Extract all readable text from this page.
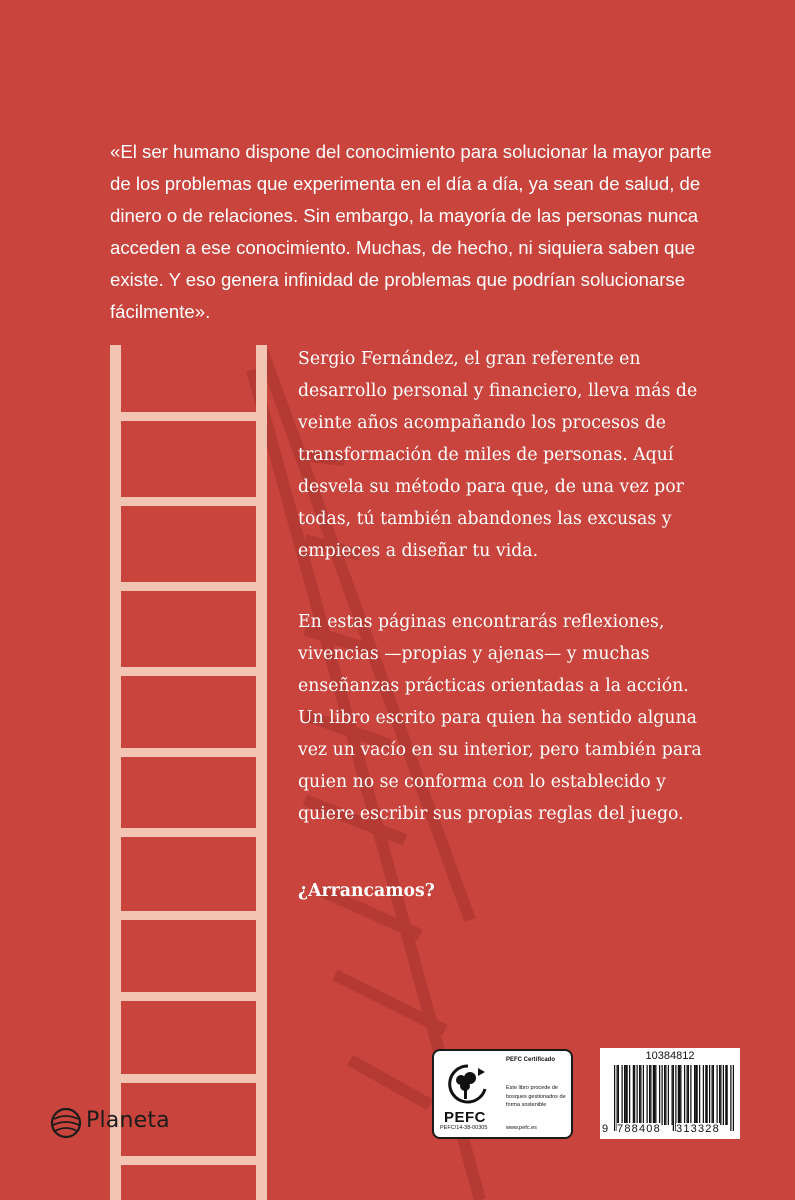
«El ser humano dispone del conocimiento para solucionar la mayor parte de los problemas que experimenta en el día a día, ya sean de salud, de dinero o de relaciones. Sin embargo, la mayoría de las personas nunca acceden a ese conocimiento. Muchas, de hecho, ni siquiera saben que existe. Y eso genera infinidad de problemas que podrían solucionarse fácilmente».

Sergio Fernández, el gran referente en desarrollo personal y financiero, lleva más de veinte años acompañando los procesos de transformación de miles de personas. Aquí desvela su método para que, de una vez por todas, tú también abandones las excusas y empieces a diseñar tu vida.

En estas páginas encontrarás reflexiones, vivencias —propias y ajenas— y muchas enseñanzas prácticas orientadas a la acción. Un libro escrito para quien ha sentido alguna vez un vacío en su interior, pero también para quien no se conforma con lo establecido y quiere escribir sus propias reglas del juego.

¿Arrancamos?

Planeta	PEFC
PEFC/14-38-00305
PEFC Certificado
Este libro procede de bosques gestionados de forma sostenible
www.pefc.es
10384812
9 788408 313328
